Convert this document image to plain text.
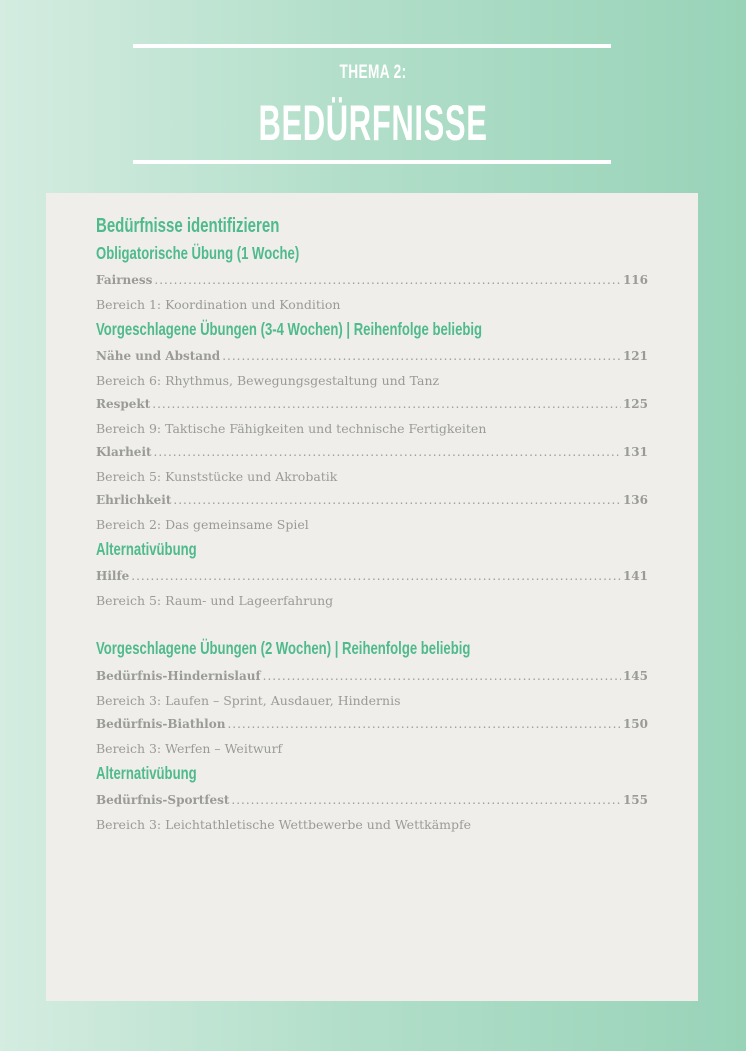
THEMA 2:
BEDÜRFNISSE
Bedürfnisse identifizieren
Obligatorische Übung (1 Woche)
Fairness .....	116
Bereich 1: Koordination und Kondition
Vorgeschlagene Übungen (3-4 Wochen) | Reihenfolge beliebig
Nähe und Abstand .....	121
Bereich 6: Rhythmus, Bewegungsgestaltung und Tanz
Respekt .....	125
Bereich 9: Taktische Fähigkeiten und technische Fertigkeiten
Klarheit .....	131
Bereich 5: Kunststücke und Akrobatik
Ehrlichkeit .....	136
Bereich 2: Das gemeinsame Spiel
Alternativübung
Hilfe .....	141
Bereich 5: Raum- und Lageerfahrung
Vorgeschlagene Übungen (2 Wochen) | Reihenfolge beliebig
Bedürfnis-Hindernislauf .....	145
Bereich 3: Laufen – Sprint, Ausdauer, Hindernis
Bedürfnis-Biathlon .....	150
Bereich 3: Werfen – Weitwurf
Alternativübung
Bedürfnis-Sportfest .....	155
Bereich 3: Leichtathletische Wettbewerbe und Wettkämpfe
